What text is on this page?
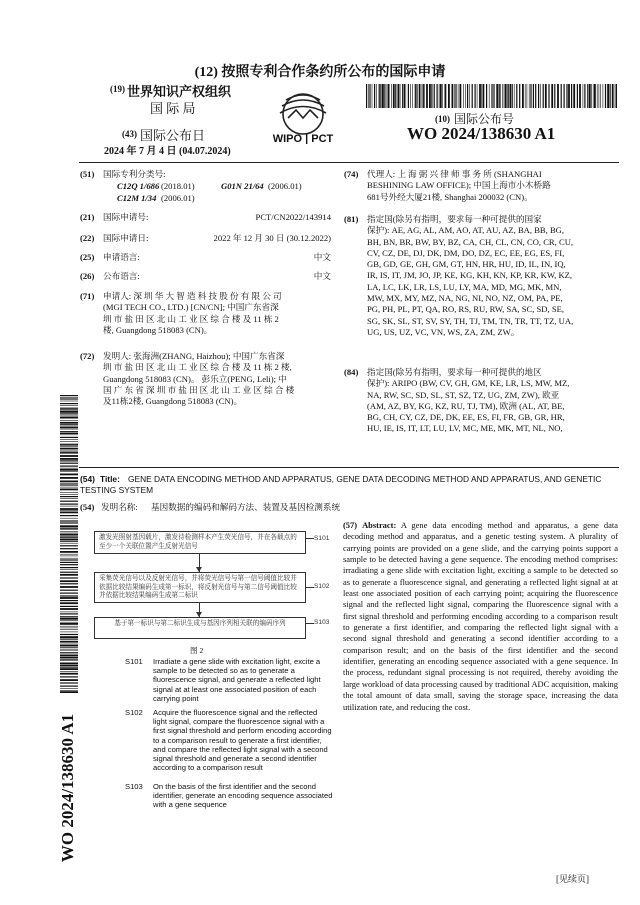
(12) 按照专利合作条约所公布的国际申请
(19) 世界知识产权组织
国 际 局
(43) 国际公布日
2024 年 7 月 4 日 (04.07.2024)
WIPO | PCT
(10) 国际公布号
WO 2024/138630 A1
(51) 国际专利分类号:
C12Q 1/686 (2018.01)	G01N 21/64 (2006.01)
C12M 1/34 (2006.01)
(21) 国际申请号:	PCT/CN2022/143914
(22) 国际申请日:	2022 年 12 月 30 日 (30.12.2022)
(25) 申请语言:	中文
(26) 公布语言:	中文
(71) 申请人: 深 圳 华 大 智 造 科 技 股 份 有 限 公 司
(MGI TECH CO., LTD.) [CN/CN]; 中国广东省深
圳 市 盐 田 区 北 山 工 业 区 综 合 楼 及 11 栋 2
楼, Guangdong 518083 (CN)。
(72) 发明人: 张海洲(ZHANG, Haizhou); 中国广东省深
圳 市 盐 田 区 北 山 工 业 区 综 合 楼 及 11 栋 2 楼,
Guangdong 518083 (CN)。 彭乐立(PENG, Leli); 中
国 广 东 省 深 圳 市 盐 田 区 北 山 工 业 区 综 合 楼
及11栋2楼, Guangdong 518083 (CN)。
(74) 代理人: 上 海 弼 兴 律 师 事 务 所 (SHANGHAI
BESHINING LAW OFFICE); 中国上海市小木桥路
681号外经大厦21楼, Shanghai 200032 (CN)。
(81) 指定国(除另有指明，要求每一种可提供的国家
保护): AE, AG, AL, AM, AO, AT, AU, AZ, BA, BB, BG,
BH, BN, BR, BW, BY, BZ, CA, CH, CL, CN, CO, CR, CU,
CV, CZ, DE, DJ, DK, DM, DO, DZ, EC, EE, EG, ES, FI,
GB, GD, GE, GH, GM, GT, HN, HR, HU, ID, IL, IN, IQ,
IR, IS, IT, JM, JO, JP, KE, KG, KH, KN, KP, KR, KW, KZ,
LA, LC, LK, LR, LS, LU, LY, MA, MD, MG, MK, MN,
MW, MX, MY, MZ, NA, NG, NI, NO, NZ, OM, PA, PE,
PG, PH, PL, PT, QA, RO, RS, RU, RW, SA, SC, SD, SE,
SG, SK, SL, ST, SV, SY, TH, TJ, TM, TN, TR, TT, TZ, UA,
UG, US, UZ, VC, VN, WS, ZA, ZM, ZW。
(84) 指定国(除另有指明，要求每一种可提供的地区
保护): ARIPO (BW, CV, GH, GM, KE, LR, LS, MW, MZ,
NA, RW, SC, SD, SL, ST, SZ, TZ, UG, ZM, ZW), 欧亚
(AM, AZ, BY, KG, KZ, RU, TJ, TM), 欧洲 (AL, AT, BE,
BG, CH, CY, CZ, DE, DK, EE, ES, FI, FR, GB, GR, HR,
HU, IE, IS, IT, LT, LU, LV, MC, ME, MK, MT, NL, NO,
(54) Title: GENE DATA ENCODING METHOD AND APPARATUS, GENE DATA DECODING METHOD AND APPARATUS, AND GENETIC TESTING SYSTEM
(54) 发明名称: 基因数据的编码和解码方法、装置及基因检测系统
激发光照射基因载片，激发待检测样本产生荧光信号，并在各载点的至少一个关联位置产生反射光信号
S101
采集荧光信号以及反射光信号，并将荧光信号与第一信号阈值比较并依据比较结果编码生成第一标识，将反射光信号与第二信号阈值比较并依据比较结果编码生成第二标识
S102
基于第一标识与第二标识生成与基因序列相关联的编码序列	S103
图 2
S101 Irradiate a gene slide with excitation light, excite a sample to be detected so as to generate a fluorescence signal, and generate a reflected light signal at at least one associated position of each carrying point
S102 Acquire the fluorescence signal and the reflected light signal, compare the fluorescence signal with a first signal threshold and perform encoding according to a comparison result to generate a first identifier, and compare the reflected light signal with a second signal threshold and generate a second identifier according to a comparison result
S103 On the basis of the first identifier and the second identifier, generate an encoding sequence associated with a gene sequence
(57) Abstract: A gene data encoding method and apparatus, a gene data decoding method and apparatus, and a genetic testing system. A plurality of carrying points are provided on a gene slide, and the carrying points support a sample to be detected having a gene sequence. The encoding method comprises: irradiating a gene slide with excitation light, exciting a sample to be detected so as to generate a fluorescence signal, and generating a reflected light signal at at least one associated position of each carrying point; acquiring the fluorescence signal and the reflected light signal, comparing the fluorescence signal with a first signal threshold and performing encoding according to a comparison result to generate a first identifier, and comparing the reflected light signal with a second signal threshold and generating a second identifier according to a comparison result; and on the basis of the first identifier and the second identifier, generating an encoding sequence associated with a gene sequence. In the process, redundant signal processing is not required, thereby avoiding the large workload of data processing caused by traditional ADC acquisition, making the total amount of data small, saving the storage space, increasing the data utilization rate, and reducing the cost.
WO 2024/138630 A1
[见续页]
